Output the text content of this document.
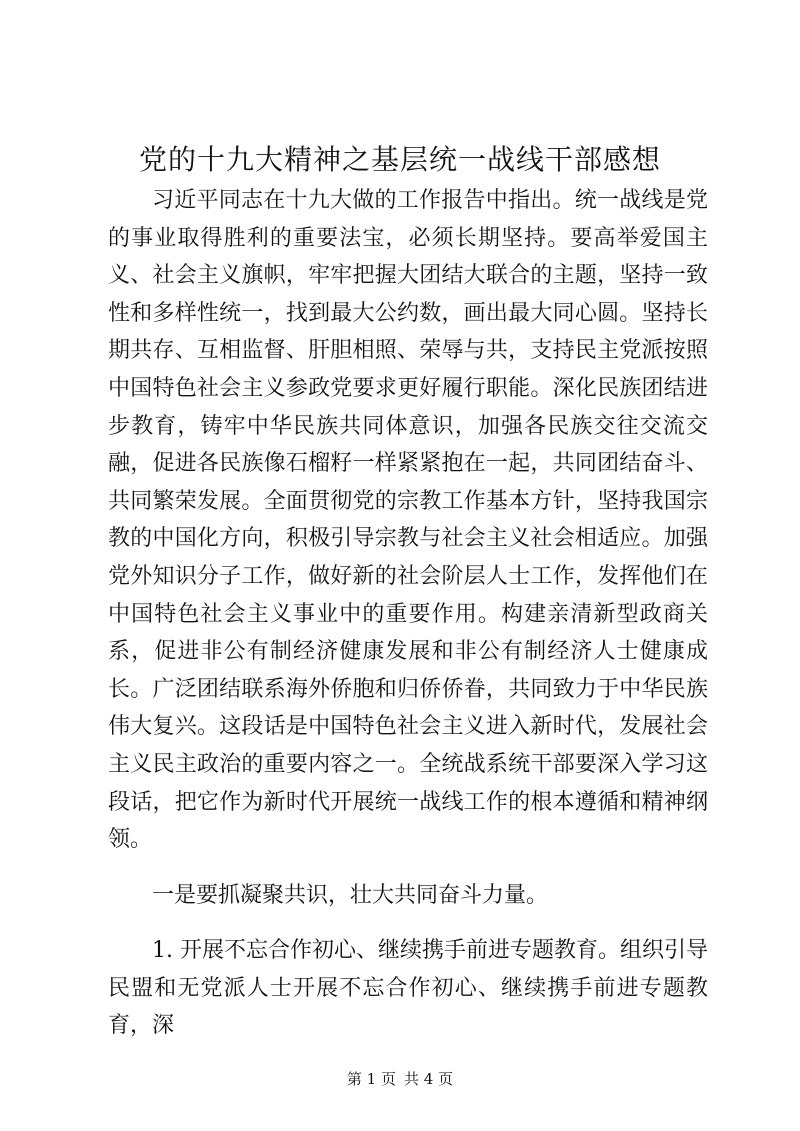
党的十九大精神之基层统一战线干部感想

习近平同志在十九大做的工作报告中指出。统一战线是党的事业取得胜利的重要法宝，必须长期坚持。要高举爱国主义、社会主义旗帜，牢牢把握大团结大联合的主题，坚持一致性和多样性统一，找到最大公约数，画出最大同心圆。坚持长期共存、互相监督、肝胆相照、荣辱与共，支持民主党派按照中国特色社会主义参政党要求更好履行职能。深化民族团结进步教育，铸牢中华民族共同体意识，加强各民族交往交流交融，促进各民族像石榴籽一样紧紧抱在一起，共同团结奋斗、共同繁荣发展。全面贯彻党的宗教工作基本方针，坚持我国宗教的中国化方向，积极引导宗教与社会主义社会相适应。加强党外知识分子工作，做好新的社会阶层人士工作，发挥他们在中国特色社会主义事业中的重要作用。构建亲清新型政商关系，促进非公有制经济健康发展和非公有制经济人士健康成长。广泛团结联系海外侨胞和归侨侨眷，共同致力于中华民族伟大复兴。这段话是中国特色社会主义进入新时代，发展社会主义民主政治的重要内容之一。全统战系统干部要深入学习这段话，把它作为新时代开展统一战线工作的根本遵循和精神纲领。

一是要抓凝聚共识，壮大共同奋斗力量。

1. 开展不忘合作初心、继续携手前进专题教育。组织引导民盟和无党派人士开展不忘合作初心、继续携手前进专题教育，深

第 1 页 共 4 页
